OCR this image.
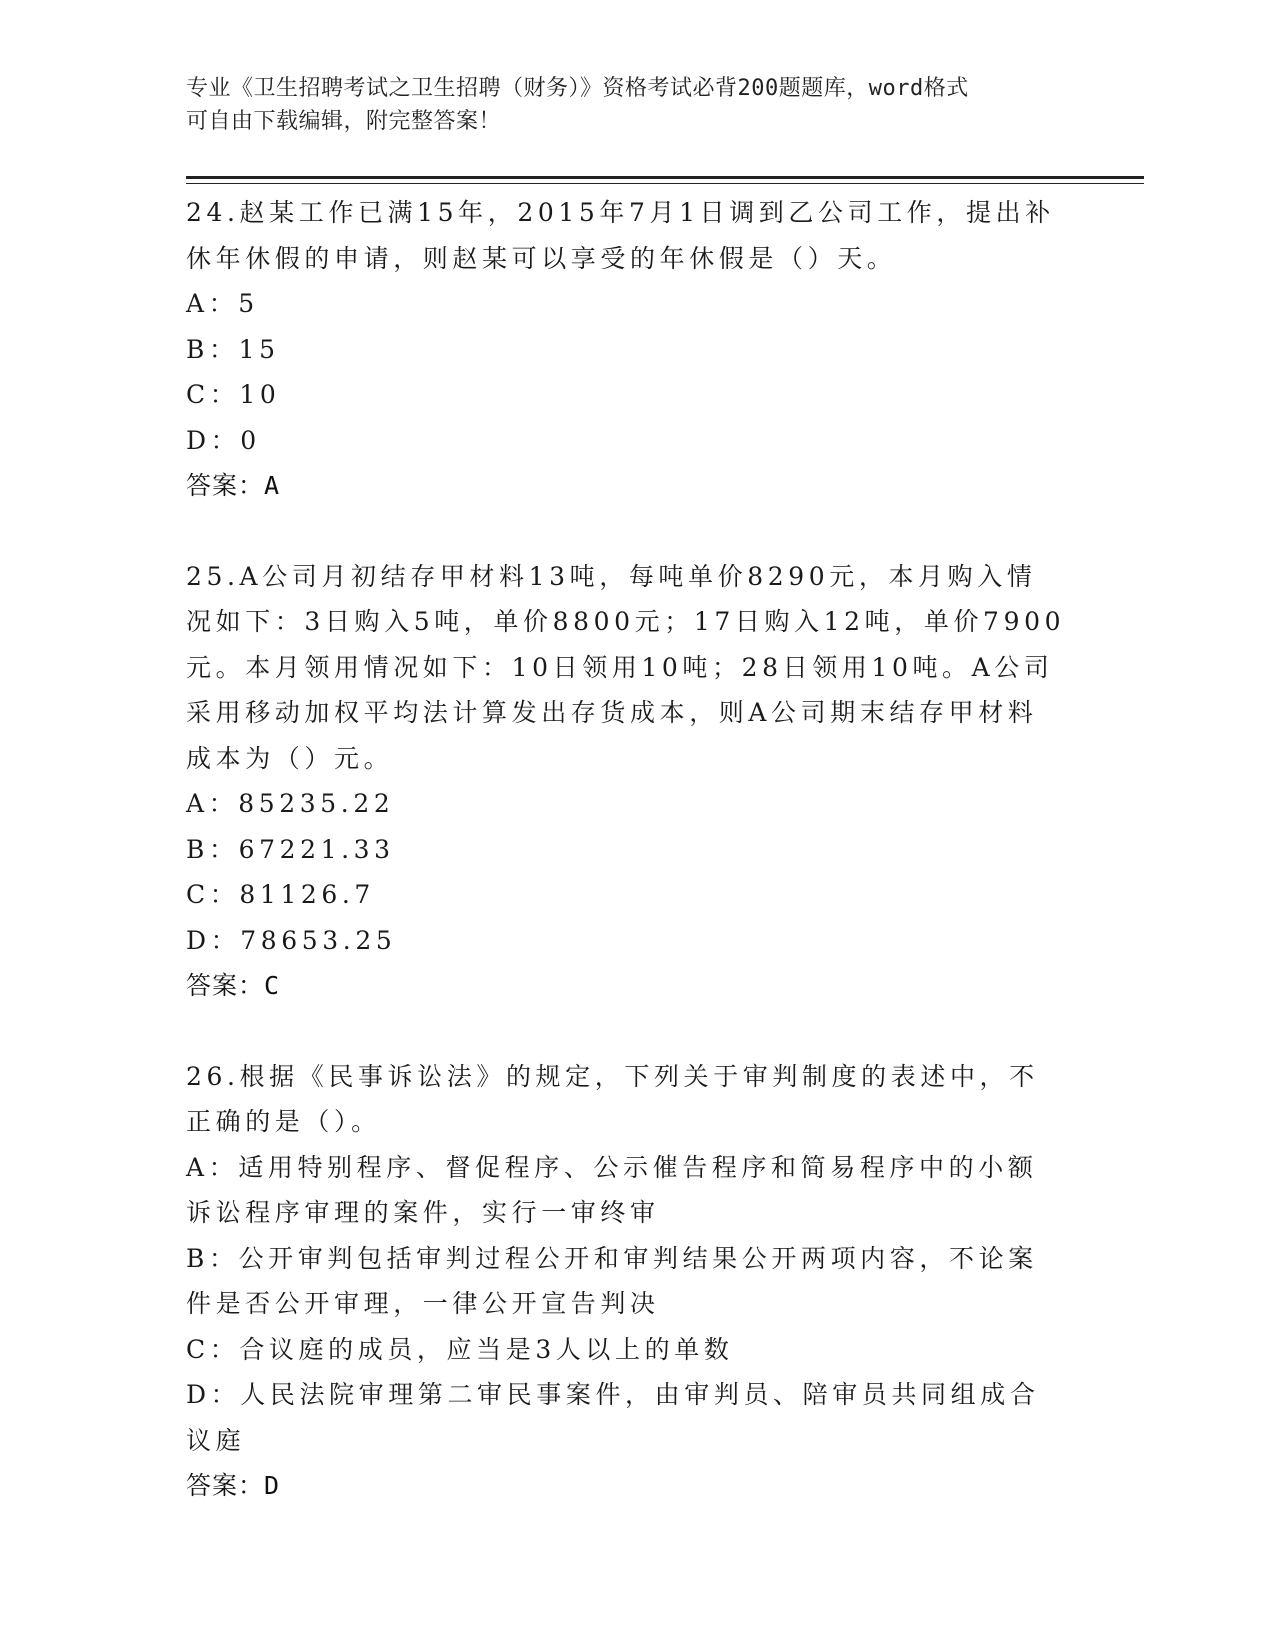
专业《卫生招聘考试之卫生招聘（财务）》资格考试必背200题题库，word格式
可自由下载编辑，附完整答案！

24.赵某工作已满15年，2015年7月1日调到乙公司工作，提出补休年休假的申请，则赵某可以享受的年休假是（）天。

A：5

B：15

C：10

D：0

答案：A

25.A公司月初结存甲材料13吨，每吨单价8290元，本月购入情况如下：3日购入5吨，单价8800元；17日购入12吨，单价7900元。本月领用情况如下：10日领用10吨；28日领用10吨。A公司采用移动加权平均法计算发出存货成本，则A公司期末结存甲材料成本为（）元。

A：85235.22

B：67221.33

C：81126.7

D：78653.25

答案：C

26.根据《民事诉讼法》的规定，下列关于审判制度的表述中，不正确的是（）。

A：适用特别程序、督促程序、公示催告程序和简易程序中的小额诉讼程序审理的案件，实行一审终审

B：公开审判包括审判过程公开和审判结果公开两项内容，不论案件是否公开审理，一律公开宣告判决

C：合议庭的成员，应当是3人以上的单数

D：人民法院审理第二审民事案件，由审判员、陪审员共同组成合议庭

答案：D
